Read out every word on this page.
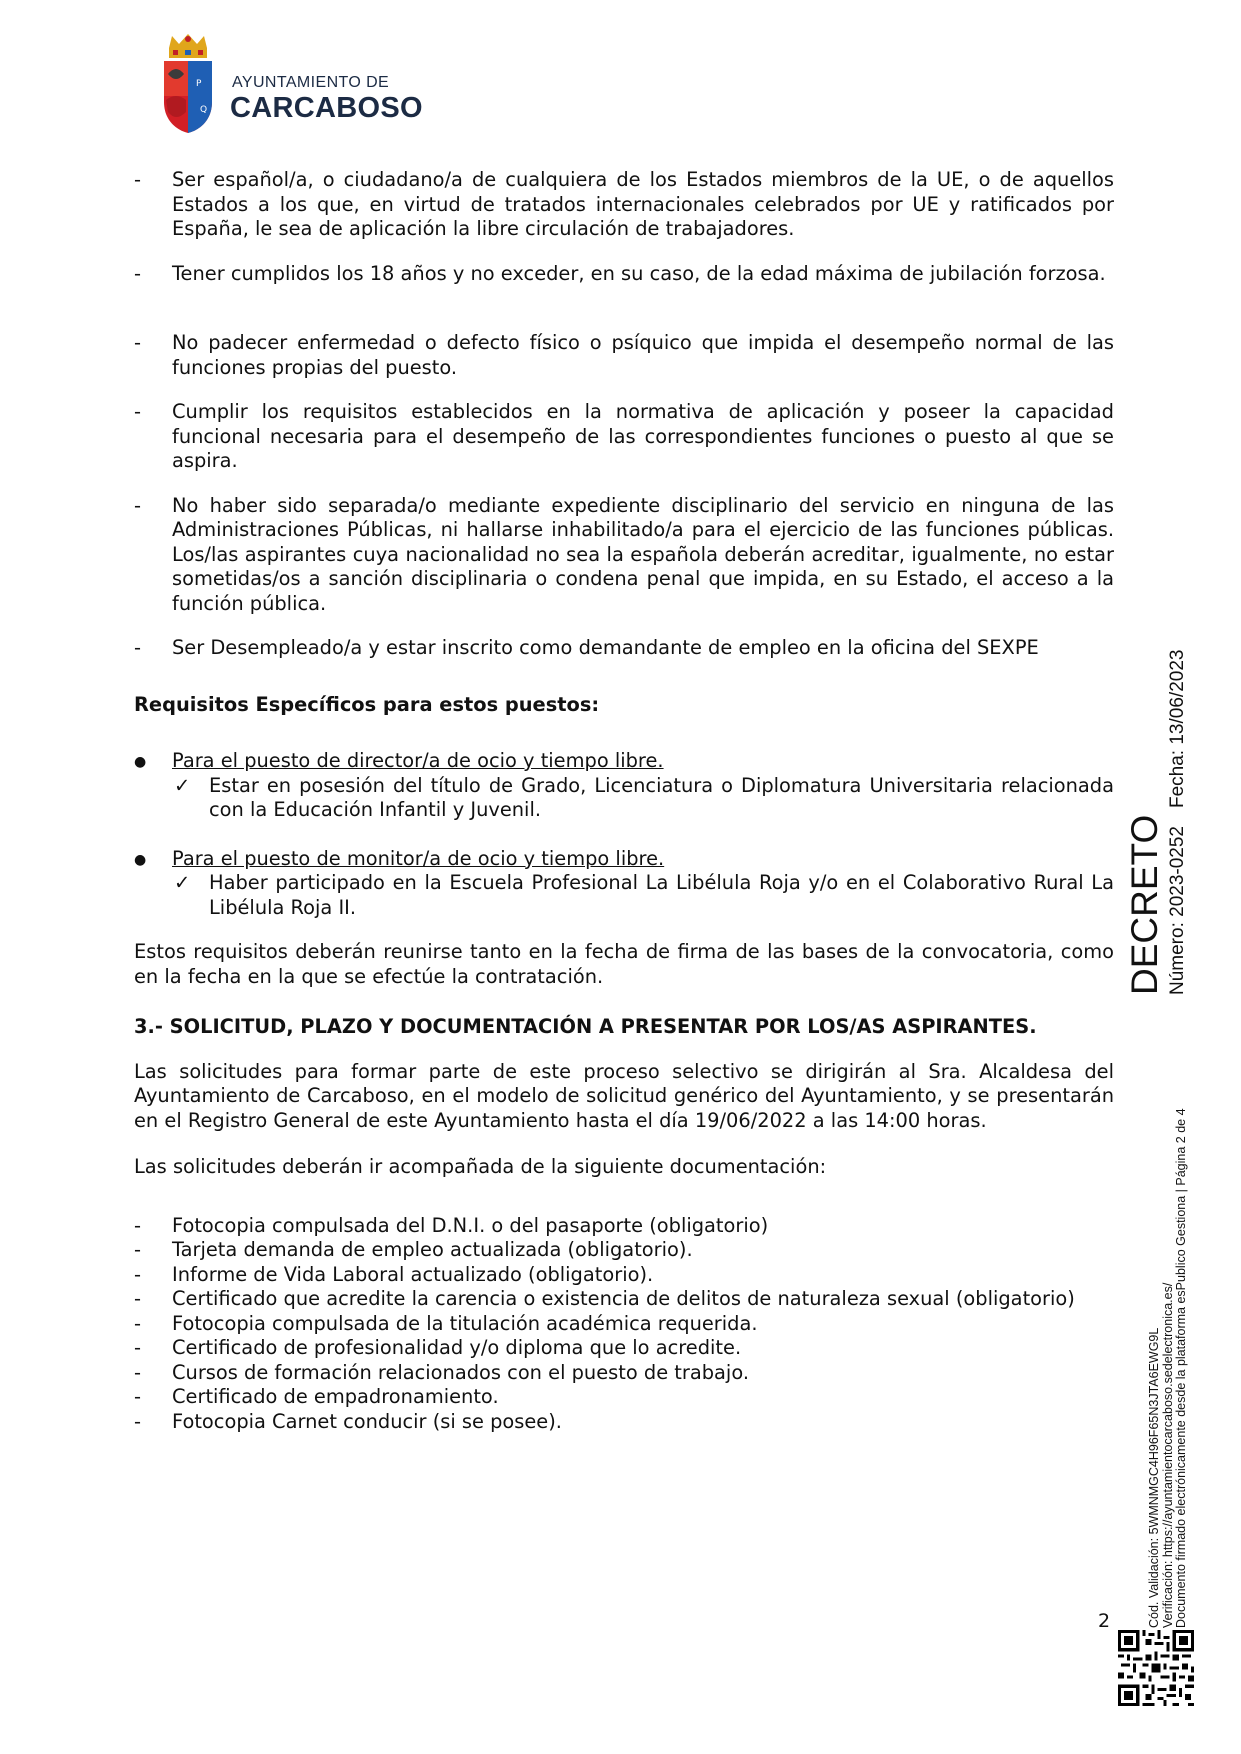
P
Q
AYUNTAMIENTO DE
CARCABOSO
- Ser español/a, o ciudadano/a de cualquiera de los Estados miembros de la UE, o de aquellos Estados a los que, en virtud de tratados internacionales celebrados por UE y ratificados por España, le sea de aplicación la libre circulación de trabajadores.
- Tener cumplidos los 18 años y no exceder, en su caso, de la edad máxima de jubilación forzosa.
- No padecer enfermedad o defecto físico o psíquico que impida el desempeño normal de las funciones propias del puesto.
- Cumplir los requisitos establecidos en la normativa de aplicación y poseer la capacidad funcional necesaria para el desempeño de las correspondientes funciones o puesto al que se aspira.
- No haber sido separada/o mediante expediente disciplinario del servicio en ninguna de las Administraciones Públicas, ni hallarse inhabilitado/a para el ejercicio de las funciones públicas. Los/las aspirantes cuya nacionalidad no sea la española deberán acreditar, igualmente, no estar sometidas/os a sanción disciplinaria o condena penal que impida, en su Estado, el acceso a la función pública.
- Ser Desempleado/a y estar inscrito como demandante de empleo en la oficina del SEXPE

Requisitos Específicos para estos puestos:

● Para el puesto de director/a de ocio y tiempo libre.
✓ Estar en posesión del título de Grado, Licenciatura o Diplomatura Universitaria relacionada con la Educación Infantil y Juvenil.
● Para el puesto de monitor/a de ocio y tiempo libre.
✓ Haber participado en la Escuela Profesional La Libélula Roja y/o en el Colaborativo Rural La Libélula Roja II.

Estos requisitos deberán reunirse tanto en la fecha de firma de las bases de la convocatoria, como en la fecha en la que se efectúe la contratación.

3.- SOLICITUD, PLAZO Y DOCUMENTACIÓN A PRESENTAR POR LOS/AS ASPIRANTES.

Las solicitudes para formar parte de este proceso selectivo se dirigirán al Sra. Alcaldesa del Ayuntamiento de Carcaboso, en el modelo de solicitud genérico del Ayuntamiento, y se presentarán en el Registro General de este Ayuntamiento hasta el día 19/06/2022 a las 14:00 horas.

Las solicitudes deberán ir acompañada de la siguiente documentación:

- Fotocopia compulsada del D.N.I. o del pasaporte (obligatorio)
- Tarjeta demanda de empleo actualizada (obligatorio).
- Informe de Vida Laboral actualizado (obligatorio).
- Certificado que acredite la carencia o existencia de delitos de naturaleza sexual (obligatorio)
- Fotocopia compulsada de la titulación académica requerida.
- Certificado de profesionalidad y/o diploma que lo acredite.
- Cursos de formación relacionados con el puesto de trabajo.
- Certificado de empadronamiento.
- Fotocopia Carnet conducir (si se posee).
DECRETO Número: 2023-0252
Fecha: 13/06/2023
Cód. Validación: 5WMNMGC4H96F65N3JTA6EWG9L Verificación: https://ayuntamientocarcaboso.sedelectronica.es/ Documento firmado electrónicamente desde la plataforma esPublico Gestiona | Página 2 de 4
2
